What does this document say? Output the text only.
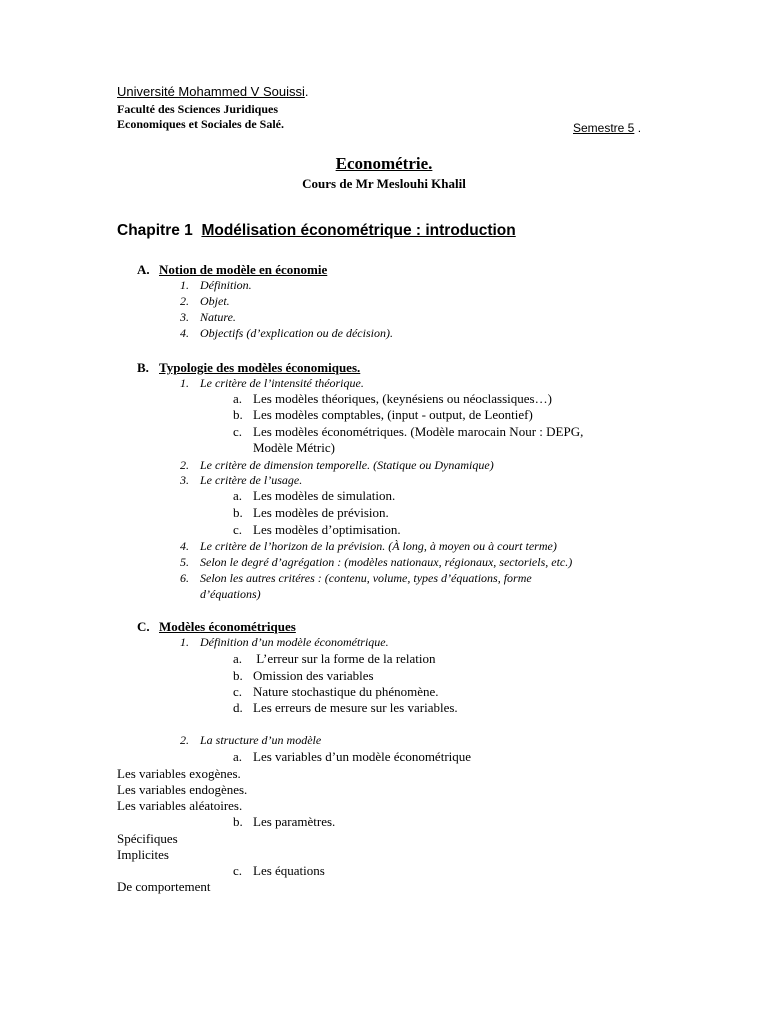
Université Mohammed V Souissi.
Faculté des Sciences Juridiques
Economiques et Sociales de Salé.	Semestre 5 .
Econométrie.
Cours de Mr Meslouhi Khalil
Chapitre 1 Modélisation économétrique : introduction
A. Notion de modèle en économie
1. Définition.
2. Objet.
3. Nature.
4. Objectifs (d’explication ou de décision).
B. Typologie des modèles économiques.
1. Le critère de l’intensité théorique.
a. Les modèles théoriques, (keynésiens ou néoclassiques…)
b. Les modèles comptables, (input - output, de Leontief)
c. Les modèles économétriques. (Modèle marocain Nour : DEPG,
Modèle Métric)
2. Le critère de dimension temporelle. (Statique ou Dynamique)
3. Le critère de l’usage.
a. Les modèles de simulation.
b. Les modèles de prévision.
c. Les modèles d’optimisation.
4. Le critère de l’horizon de la prévision. (À long, à moyen ou à court terme)
5. Selon le degré d’agrégation : (modèles nationaux, régionaux, sectoriels, etc.)
6. Selon les autres critéres : (contenu, volume, types d’équations, forme
d’équations)
C. Modèles économétriques
1. Définition d’un modèle économétrique.
a. L’erreur sur la forme de la relation
b. Omission des variables
c. Nature stochastique du phénomène.
d. Les erreurs de mesure sur les variables.
2. La structure d’un modèle
a. Les variables d’un modèle économétrique
Les variables exogènes.
Les variables endogènes.
Les variables aléatoires.
b. Les paramètres.
Spécifiques
Implicites
c. Les équations
De comportement
